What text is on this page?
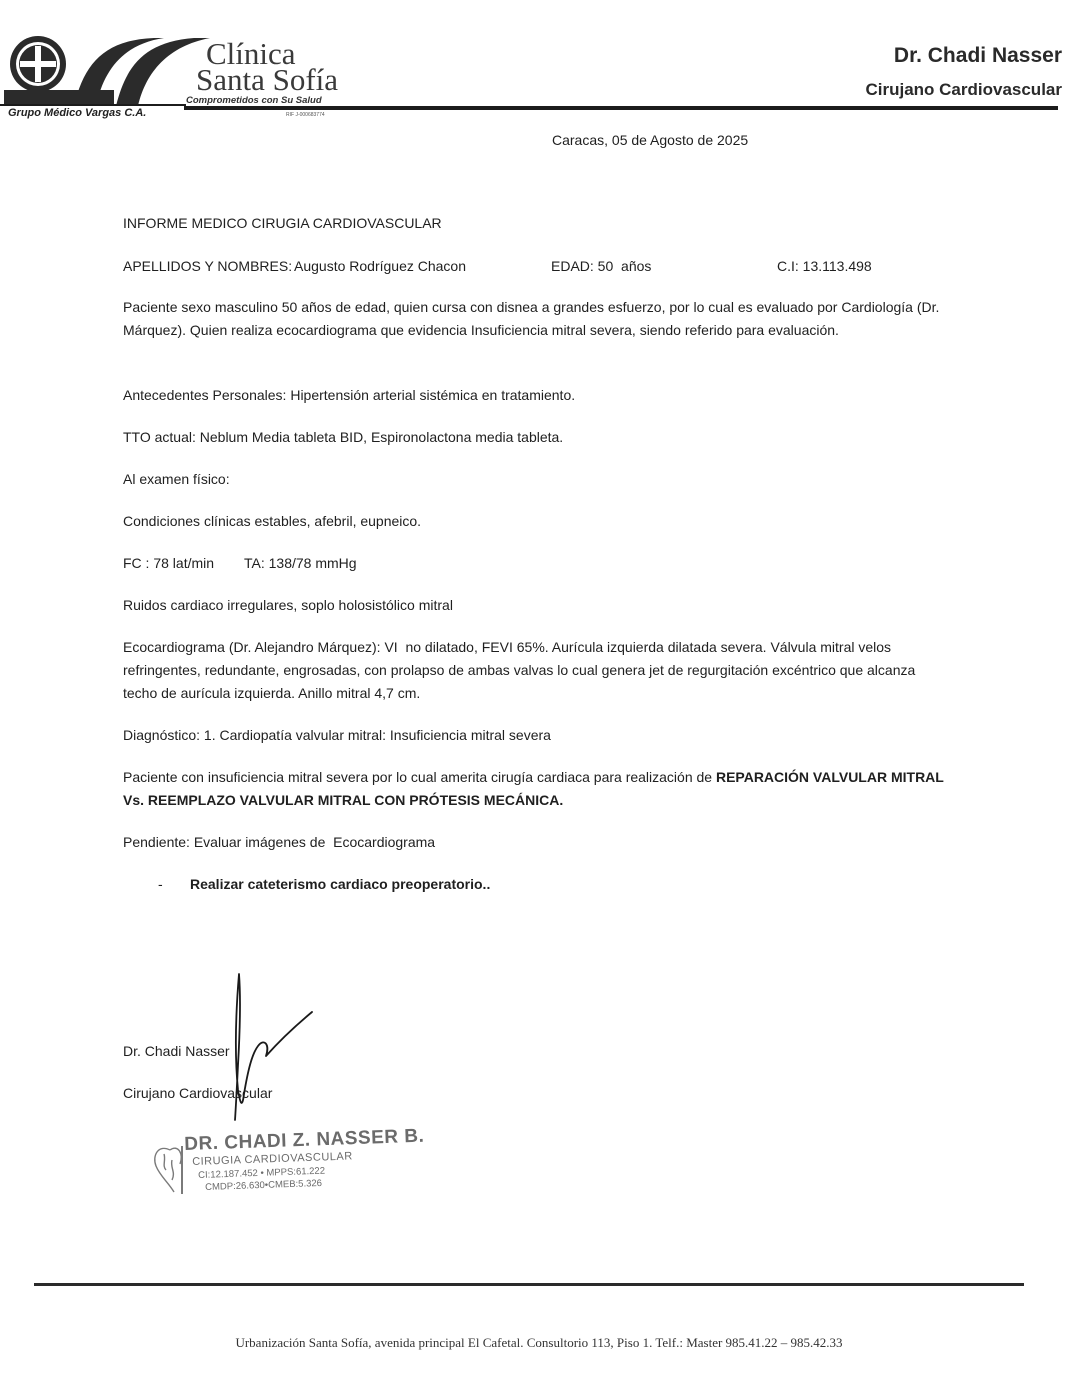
Clínica
Santa Sofía
Comprometidos con Su Salud
Grupo Médico Vargas C.A.	RIF J-000683774
Dr. Chadi Nasser
Cirujano Cardiovascular
Caracas, 05 de Agosto de 2025
INFORME MEDICO CIRUGIA CARDIOVASCULAR
APELLIDOS Y NOMBRES: Augusto Rodríguez Chacon	EDAD: 50  años	C.I: 13.113.498
Paciente sexo masculino 50 años de edad, quien cursa con disnea a grandes esfuerzo, por lo cual es evaluado por Cardiología (Dr. Márquez). Quien realiza ecocardiograma que evidencia Insuficiencia mitral severa, siendo referido para evaluación.
Antecedentes Personales: Hipertensión arterial sistémica en tratamiento.
TTO actual: Neblum Media tableta BID, Espironolactona media tableta.
Al examen físico:
Condiciones clínicas estables, afebril, eupneico.
FC : 78 lat/min TA: 138/78 mmHg
Ruidos cardiaco irregulares, soplo holosistólico mitral
Ecocardiograma (Dr. Alejandro Márquez): VI  no dilatado, FEVI 65%. Aurícula izquierda dilatada severa. Válvula mitral velos refringentes, redundante, engrosadas, con prolapso de ambas valvas lo cual genera jet de regurgitación excéntrico que alcanza techo de aurícula izquierda. Anillo mitral 4,7 cm.
Diagnóstico: 1. Cardiopatía valvular mitral: Insuficiencia mitral severa
Paciente con insuficiencia mitral severa por lo cual amerita cirugía cardiaca para realización de REPARACIÓN VALVULAR MITRAL Vs. REEMPLAZO VALVULAR MITRAL CON PRÓTESIS MECÁNICA.
Pendiente: Evaluar imágenes de  Ecocardiograma
- Realizar cateterismo cardiaco preoperatorio..
Dr. Chadi Nasser
Cirujano Cardiovascular
DR. CHADI Z. NASSER B.
CIRUGIA CARDIOVASCULAR
CI:12.187.452 • MPPS:61.222
CMDP:26.630•CMEB:5.326
Urbanización Santa Sofía, avenida principal El Cafetal. Consultorio 113, Piso 1. Telf.: Master 985.41.22 – 985.42.33
